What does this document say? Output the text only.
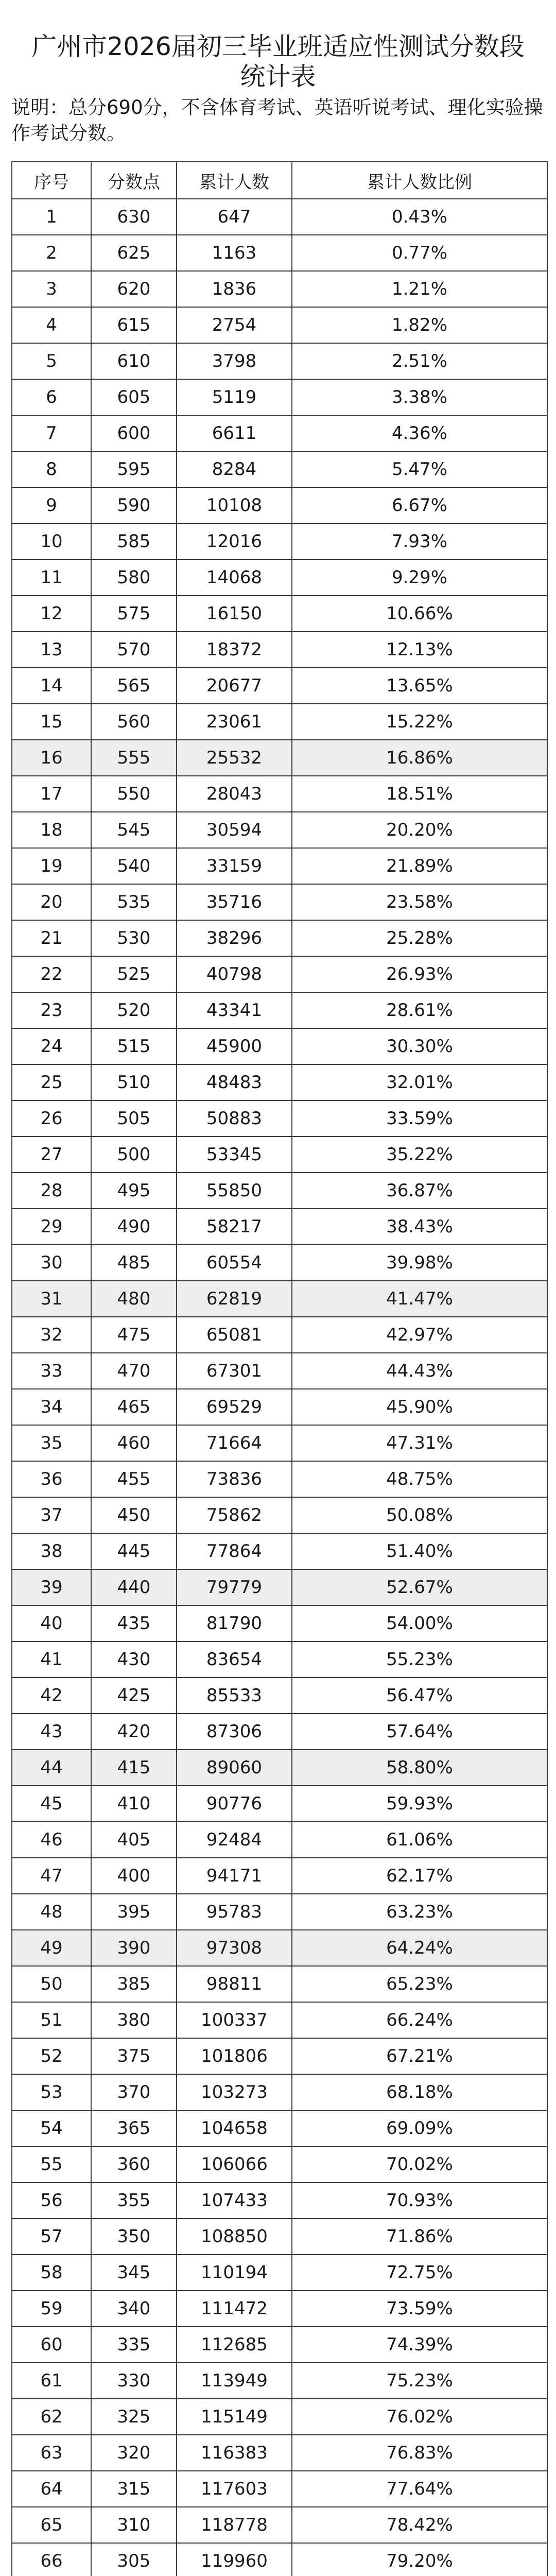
广州市2026届初三毕业班适应性测试分数段统计表
说明：总分690分，不含体育考试、英语听说考试、理化实验操作考试分数。
序号	分数点	累计人数	累计人数比例
1	630	647	0.43%
2	625	1163	0.77%
3	620	1836	1.21%
4	615	2754	1.82%
5	610	3798	2.51%
6	605	5119	3.38%
7	600	6611	4.36%
8	595	8284	5.47%
9	590	10108	6.67%
10	585	12016	7.93%
11	580	14068	9.29%
12	575	16150	10.66%
13	570	18372	12.13%
14	565	20677	13.65%
15	560	23061	15.22%
16	555	25532	16.86%
17	550	28043	18.51%
18	545	30594	20.20%
19	540	33159	21.89%
20	535	35716	23.58%
21	530	38296	25.28%
22	525	40798	26.93%
23	520	43341	28.61%
24	515	45900	30.30%
25	510	48483	32.01%
26	505	50883	33.59%
27	500	53345	35.22%
28	495	55850	36.87%
29	490	58217	38.43%
30	485	60554	39.98%
31	480	62819	41.47%
32	475	65081	42.97%
33	470	67301	44.43%
34	465	69529	45.90%
35	460	71664	47.31%
36	455	73836	48.75%
37	450	75862	50.08%
38	445	77864	51.40%
39	440	79779	52.67%
40	435	81790	54.00%
41	430	83654	55.23%
42	425	85533	56.47%
43	420	87306	57.64%
44	415	89060	58.80%
45	410	90776	59.93%
46	405	92484	61.06%
47	400	94171	62.17%
48	395	95783	63.23%
49	390	97308	64.24%
50	385	98811	65.23%
51	380	100337	66.24%
52	375	101806	67.21%
53	370	103273	68.18%
54	365	104658	69.09%
55	360	106066	70.02%
56	355	107433	70.93%
57	350	108850	71.86%
58	345	110194	72.75%
59	340	111472	73.59%
60	335	112685	74.39%
61	330	113949	75.23%
62	325	115149	76.02%
63	320	116383	76.83%
64	315	117603	77.64%
65	310	118778	78.42%
66	305	119960	79.20%
